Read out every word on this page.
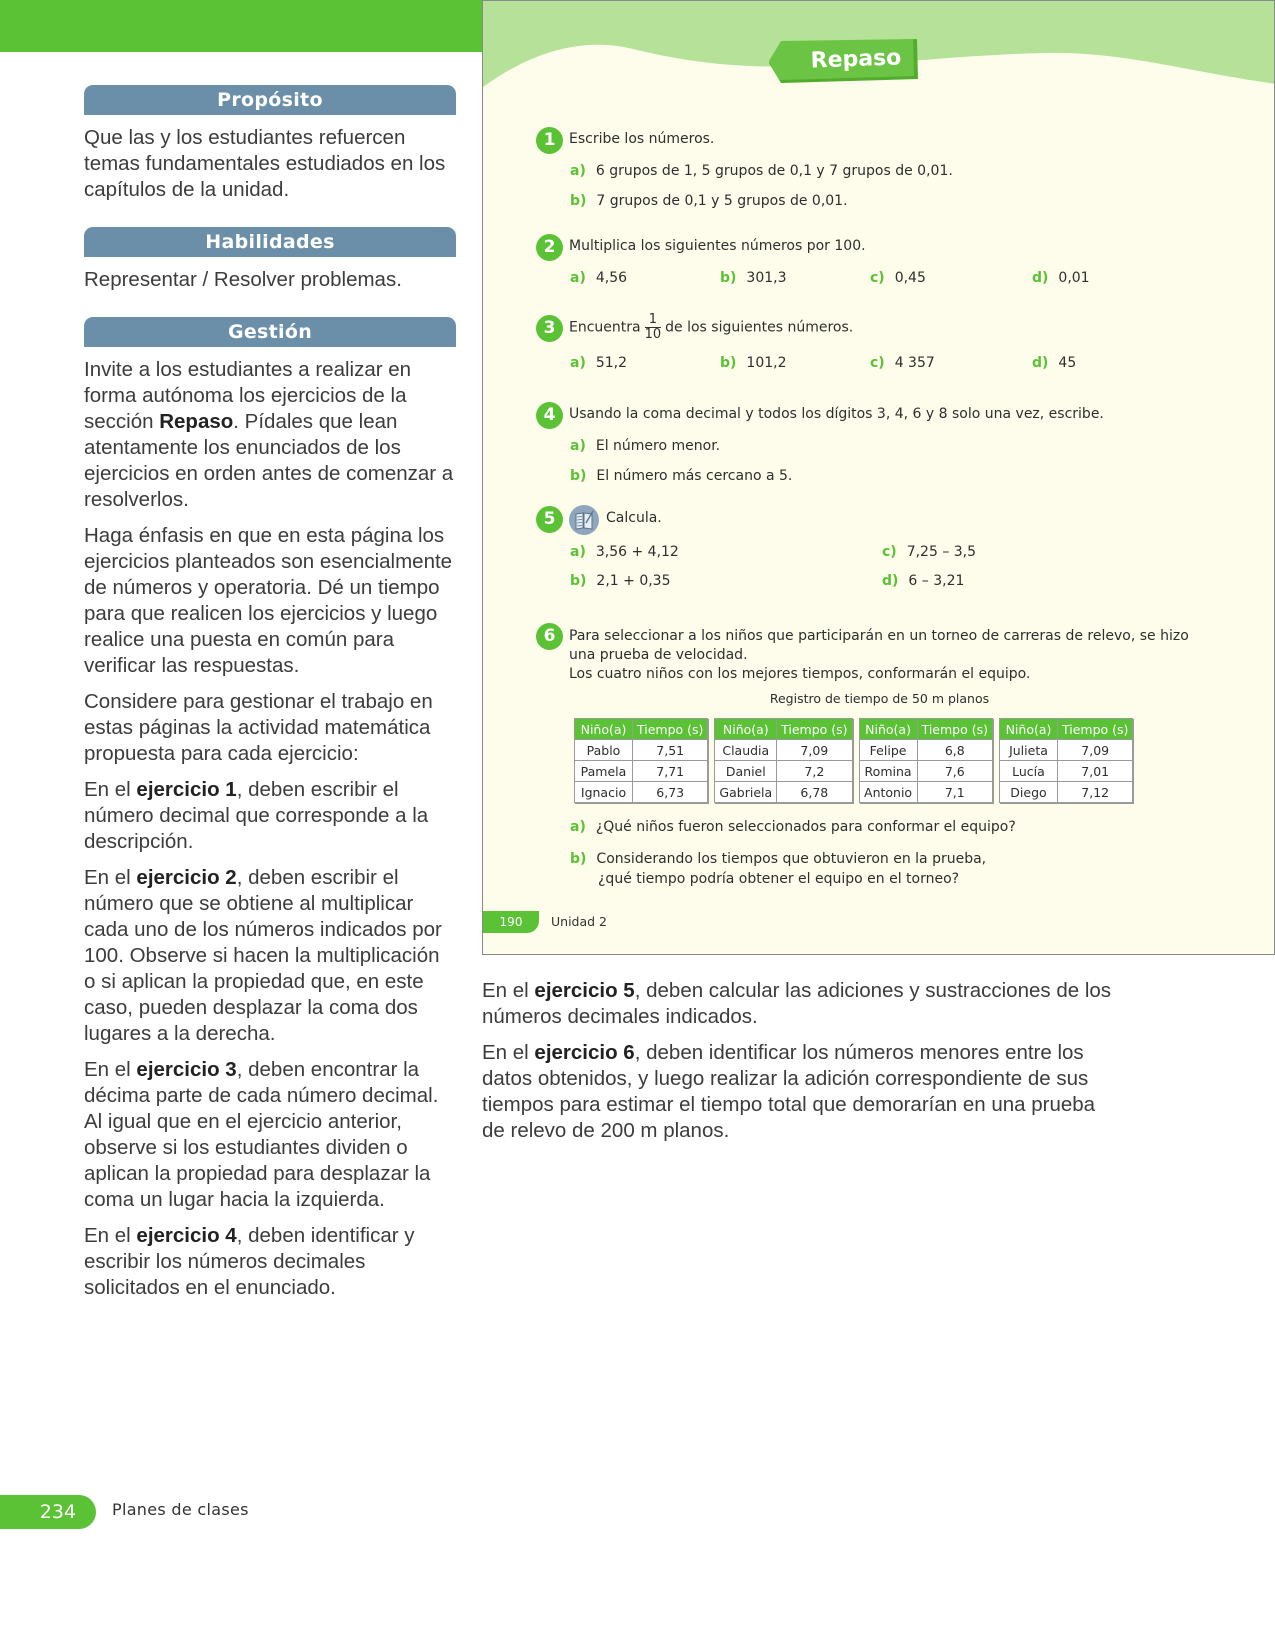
Propósito

Que las y los estudiantes refuercen temas fundamentales estudiados en los capítulos de la unidad.

Habilidades

Representar / Resolver problemas.

Gestión

Invite a los estudiantes a realizar en forma autónoma los ejercicios de la sección Repaso. Pídales que lean atentamente los enunciados de los ejercicios en orden antes de comenzar a resolverlos.

Haga énfasis en que en esta página los ejercicios planteados son esencialmente de números y operatoria. Dé un tiempo para que realicen los ejercicios y luego realice una puesta en común para verificar las respuestas.

Considere para gestionar el trabajo en estas páginas la actividad matemática propuesta para cada ejercicio:

En el ejercicio 1, deben escribir el número decimal que corresponde a la descripción.

En el ejercicio 2, deben escribir el número que se obtiene al multiplicar cada uno de los números indicados por 100. Observe si hacen la multiplicación o si aplican la propiedad que, en este caso, pueden desplazar la coma dos lugares a la derecha.

En el ejercicio 3, deben encontrar la décima parte de cada número decimal. Al igual que en el ejercicio anterior, observe si los estudiantes dividen o aplican la propiedad para desplazar la coma un lugar hacia la izquierda.

En el ejercicio 4, deben identificar y escribir los números decimales solicitados en el enunciado.

Repaso
1 Escribe los números.
a) 6 grupos de 1, 5 grupos de 0,1 y 7 grupos de 0,01.
b) 7 grupos de 0,1 y 5 grupos de 0,01.
2 Multiplica los siguientes números por 100.
a) 4,56	b) 301,3	c) 0,45	d) 0,01
3 Encuentra $\frac{1}{10}$ de los siguientes números.
a) 51,2	b) 101,2	c) 4 357	d) 45
4 Usando la coma decimal y todos los dígitos 3, 4, 6 y 8 solo una vez, escribe.
a) El número menor.
b) El número más cercano a 5.
5	Calcula.
a) 3,56 + 4,12
b) 2,1 + 0,35
c) 7,25 – 3,5
d) 6 – 3,21
6 Para seleccionar a los niños que participarán en un torneo de carreras de relevo, se hizo
una prueba de velocidad.
Los cuatro niños con los mejores tiempos, conformarán el equipo.
Registro de tiempo de 50 m planos
Niño(a)	Tiempo (s)
Pablo	7,51
Pamela	7,71
Ignacio	6,73
Niño(a)	Tiempo (s)
Claudia	7,09
Daniel	7,2
Gabriela	6,78
Niño(a)	Tiempo (s)
Felipe	6,8
Romina	7,6
Antonio	7,1
Niño(a)	Tiempo (s)
Julieta	7,09
Lucía	7,01
Diego	7,12
a) ¿Qué niños fueron seleccionados para conformar el equipo?
b) Considerando los tiempos que obtuvieron en la prueba,
¿qué tiempo podría obtener el equipo en el torneo?
190	Unidad 2

En el ejercicio 5, deben calcular las adiciones y sustracciones de los números decimales indicados.

En el ejercicio 6, deben identificar los números menores entre los datos obtenidos, y luego realizar la adición correspondiente de sus tiempos para estimar el tiempo total que demorarían en una prueba de relevo de 200 m planos.

234	Planes de clases
